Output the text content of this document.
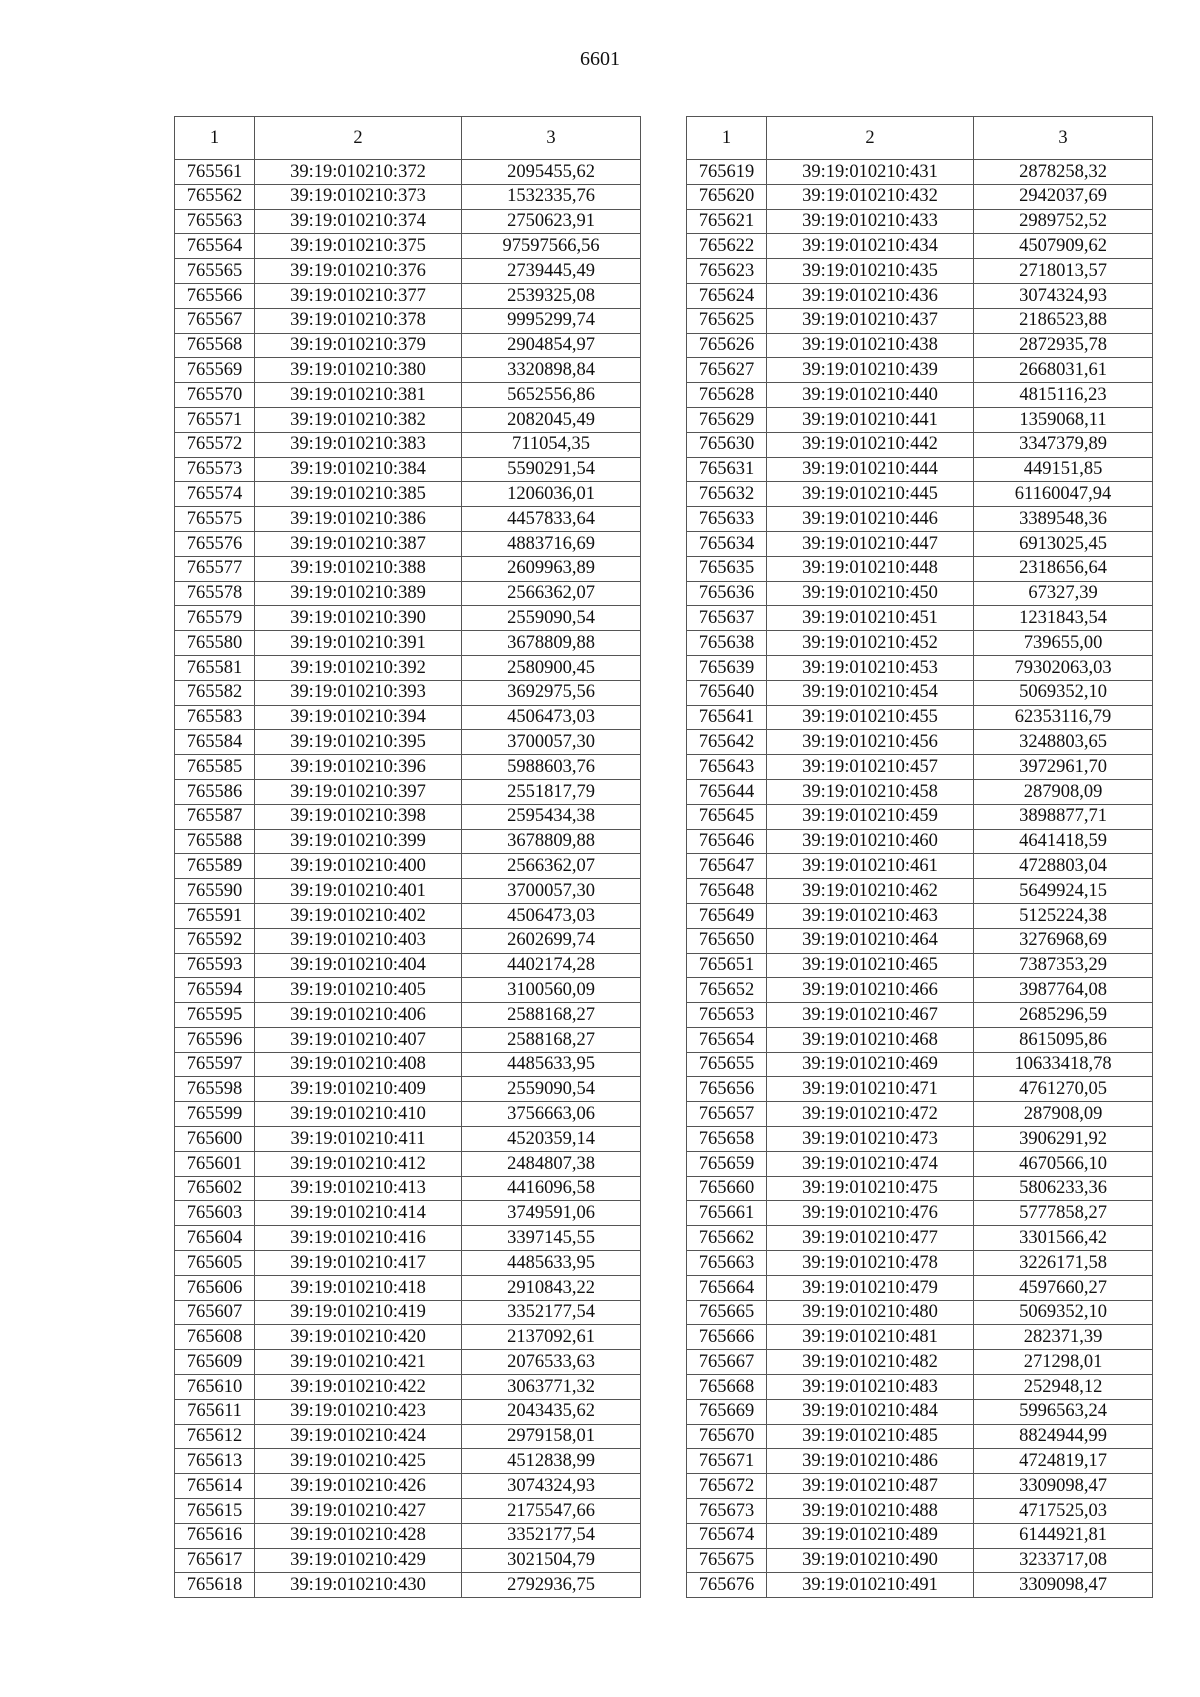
6601
1	2	3
765561	39:19:010210:372	2095455,62
765562	39:19:010210:373	1532335,76
765563	39:19:010210:374	2750623,91
765564	39:19:010210:375	97597566,56
765565	39:19:010210:376	2739445,49
765566	39:19:010210:377	2539325,08
765567	39:19:010210:378	9995299,74
765568	39:19:010210:379	2904854,97
765569	39:19:010210:380	3320898,84
765570	39:19:010210:381	5652556,86
765571	39:19:010210:382	2082045,49
765572	39:19:010210:383	711054,35
765573	39:19:010210:384	5590291,54
765574	39:19:010210:385	1206036,01
765575	39:19:010210:386	4457833,64
765576	39:19:010210:387	4883716,69
765577	39:19:010210:388	2609963,89
765578	39:19:010210:389	2566362,07
765579	39:19:010210:390	2559090,54
765580	39:19:010210:391	3678809,88
765581	39:19:010210:392	2580900,45
765582	39:19:010210:393	3692975,56
765583	39:19:010210:394	4506473,03
765584	39:19:010210:395	3700057,30
765585	39:19:010210:396	5988603,76
765586	39:19:010210:397	2551817,79
765587	39:19:010210:398	2595434,38
765588	39:19:010210:399	3678809,88
765589	39:19:010210:400	2566362,07
765590	39:19:010210:401	3700057,30
765591	39:19:010210:402	4506473,03
765592	39:19:010210:403	2602699,74
765593	39:19:010210:404	4402174,28
765594	39:19:010210:405	3100560,09
765595	39:19:010210:406	2588168,27
765596	39:19:010210:407	2588168,27
765597	39:19:010210:408	4485633,95
765598	39:19:010210:409	2559090,54
765599	39:19:010210:410	3756663,06
765600	39:19:010210:411	4520359,14
765601	39:19:010210:412	2484807,38
765602	39:19:010210:413	4416096,58
765603	39:19:010210:414	3749591,06
765604	39:19:010210:416	3397145,55
765605	39:19:010210:417	4485633,95
765606	39:19:010210:418	2910843,22
765607	39:19:010210:419	3352177,54
765608	39:19:010210:420	2137092,61
765609	39:19:010210:421	2076533,63
765610	39:19:010210:422	3063771,32
765611	39:19:010210:423	2043435,62
765612	39:19:010210:424	2979158,01
765613	39:19:010210:425	4512838,99
765614	39:19:010210:426	3074324,93
765615	39:19:010210:427	2175547,66
765616	39:19:010210:428	3352177,54
765617	39:19:010210:429	3021504,79
765618	39:19:010210:430	2792936,75
1	2	3
765619	39:19:010210:431	2878258,32
765620	39:19:010210:432	2942037,69
765621	39:19:010210:433	2989752,52
765622	39:19:010210:434	4507909,62
765623	39:19:010210:435	2718013,57
765624	39:19:010210:436	3074324,93
765625	39:19:010210:437	2186523,88
765626	39:19:010210:438	2872935,78
765627	39:19:010210:439	2668031,61
765628	39:19:010210:440	4815116,23
765629	39:19:010210:441	1359068,11
765630	39:19:010210:442	3347379,89
765631	39:19:010210:444	449151,85
765632	39:19:010210:445	61160047,94
765633	39:19:010210:446	3389548,36
765634	39:19:010210:447	6913025,45
765635	39:19:010210:448	2318656,64
765636	39:19:010210:450	67327,39
765637	39:19:010210:451	1231843,54
765638	39:19:010210:452	739655,00
765639	39:19:010210:453	79302063,03
765640	39:19:010210:454	5069352,10
765641	39:19:010210:455	62353116,79
765642	39:19:010210:456	3248803,65
765643	39:19:010210:457	3972961,70
765644	39:19:010210:458	287908,09
765645	39:19:010210:459	3898877,71
765646	39:19:010210:460	4641418,59
765647	39:19:010210:461	4728803,04
765648	39:19:010210:462	5649924,15
765649	39:19:010210:463	5125224,38
765650	39:19:010210:464	3276968,69
765651	39:19:010210:465	7387353,29
765652	39:19:010210:466	3987764,08
765653	39:19:010210:467	2685296,59
765654	39:19:010210:468	8615095,86
765655	39:19:010210:469	10633418,78
765656	39:19:010210:471	4761270,05
765657	39:19:010210:472	287908,09
765658	39:19:010210:473	3906291,92
765659	39:19:010210:474	4670566,10
765660	39:19:010210:475	5806233,36
765661	39:19:010210:476	5777858,27
765662	39:19:010210:477	3301566,42
765663	39:19:010210:478	3226171,58
765664	39:19:010210:479	4597660,27
765665	39:19:010210:480	5069352,10
765666	39:19:010210:481	282371,39
765667	39:19:010210:482	271298,01
765668	39:19:010210:483	252948,12
765669	39:19:010210:484	5996563,24
765670	39:19:010210:485	8824944,99
765671	39:19:010210:486	4724819,17
765672	39:19:010210:487	3309098,47
765673	39:19:010210:488	4717525,03
765674	39:19:010210:489	6144921,81
765675	39:19:010210:490	3233717,08
765676	39:19:010210:491	3309098,47
